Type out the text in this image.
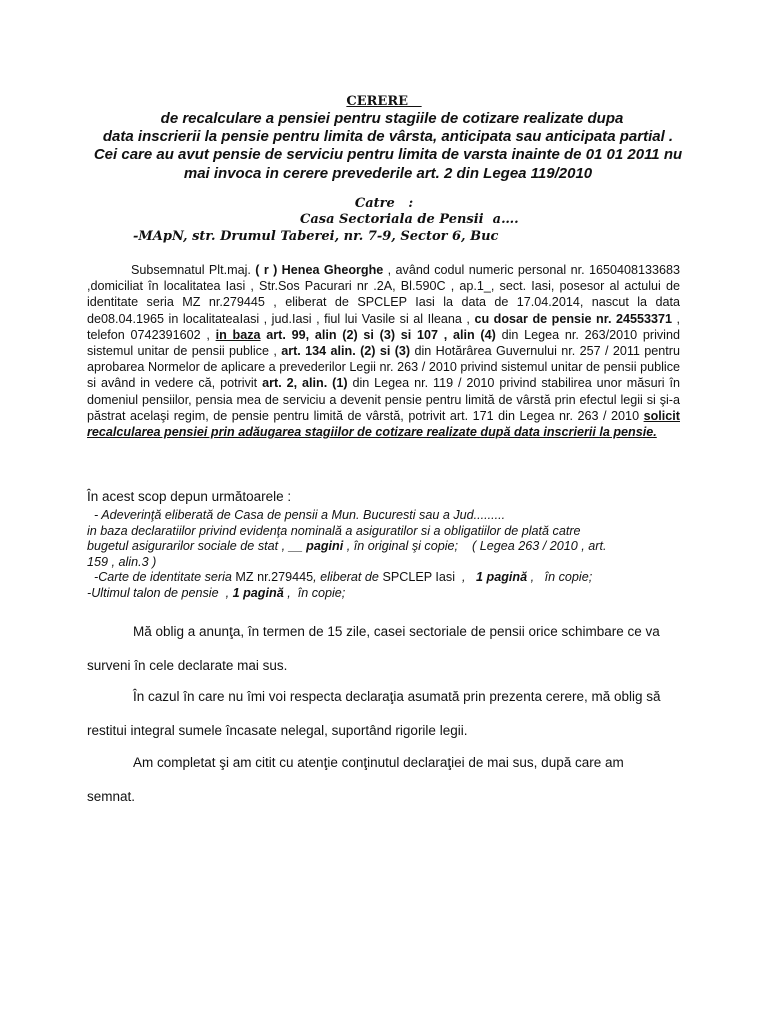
CERERE
de recalculare a pensiei pentru stagiile de cotizare realizate dupa
data inscrierii la pensie pentru limita de vârsta, anticipata sau anticipata partial . Cei care au avut pensie de serviciu pentru limita de varsta inainte de 01 01 2011 nu mai invoca in cerere prevederile art. 2 din Legea 119/2010
Catre   :
Casa Sectoriala de Pensii  a….
-MApN, str. Drumul Taberei, nr. 7-9, Sector 6, Buc
Subsemnatul Plt.maj. ( r ) Henea Gheorghe , având codul numeric personal nr. 1650408133683 ,domiciliat în localitatea Iasi , Str.Sos Pacurari nr .2A, Bl.590C , ap.1_, sect. Iasi, posesor al actului de identitate seria MZ nr.279445 , eliberat de SPCLEP Iasi la data de 17.04.2014, nascut la data de08.04.1965 in localitateaIasi , jud.Iasi , fiul lui Vasile si al Ileana , cu dosar de pensie nr. 24553371 , telefon 0742391602 , in baza art. 99, alin (2) si (3) si 107 , alin (4) din Legea nr. 263/2010 privind sistemul unitar de pensii publice , art. 134 alin. (2) si (3) din Hotărârea Guvernului nr. 257 / 2011 pentru aprobarea Normelor de aplicare a prevederilor Legii nr. 263 / 2010 privind sistemul unitar de pensii publice si având in vedere că, potrivit art. 2, alin. (1) din Legea nr. 119 / 2010 privind stabilirea unor măsuri în domeniul pensiilor, pensia mea de serviciu a devenit pensie pentru limită de vârstă prin efectul legii si şi-a păstrat acelaşi regim, de pensie pentru limită de vârstă, potrivit art. 171 din Legea nr. 263 / 2010 solicit recalcularea pensiei prin adăugarea stagiilor de cotizare realizate după data inscrierii la pensie.
În acest scop depun următoarele :
- Adeverinţă eliberată de Casa de pensii a Mun. Bucuresti sau a Jud.........
in baza declaratiilor privind evidenţa nominală a asiguratilor si a obligatiilor de plată catre
bugetul asigurarilor sociale de stat , __ pagini , în original şi copie;    ( Legea 263 / 2010 , art.
159 , alin.3 )
-Carte de identitate seria MZ nr.279445, eliberat de SPCLEP Iasi  ,   1 pagină ,   în copie;
-Ultimul talon de pensie  , 1 pagină ,  în copie;
Mă oblig a anunţa, în termen de 15 zile, casei sectoriale de pensii orice schimbare ce va
surveni în cele declarate mai sus.
În cazul în care nu îmi voi respecta declaraţia asumată prin prezenta cerere, mă oblig să
restitui integral sumele încasate nelegal, suportând rigorile legii.
Am completat şi am citit cu atenţie conţinutul declaraţiei de mai sus, după care am
semnat.
